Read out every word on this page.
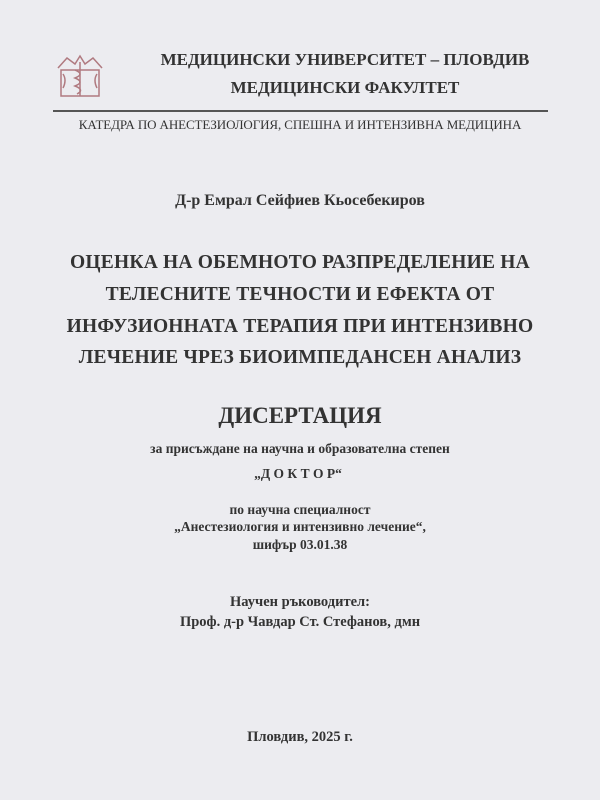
МЕДИЦИНСКИ УНИВЕРСИТЕТ – ПЛОВДИВ
МЕДИЦИНСКИ ФАКУЛТЕТ
КАТЕДРА ПО АНЕСТЕЗИОЛОГИЯ, СПЕШНА И ИНТЕНЗИВНА МЕДИЦИНА
Д-р Емрал Сейфиев Кьосебекиров
ОЦЕНКА НА ОБЕМНОТО РАЗПРЕДЕЛЕНИЕ НА
ТЕЛЕСНИТЕ ТЕЧНОСТИ И ЕФЕКТА ОТ
ИНФУЗИОННАТА ТЕРАПИЯ ПРИ ИНТЕНЗИВНО
ЛЕЧЕНИЕ ЧРЕЗ БИОИМПЕДАНСЕН АНАЛИЗ
ДИСЕРТАЦИЯ
за присъждане на научна и образователна степен
„Д О К Т О Р“
по научна специалност
„Анестезиология и интензивно лечение“,
шифър 03.01.38
Научен ръководител:
Проф. д-р Чавдар Ст. Стефанов, дмн
Пловдив, 2025 г.
